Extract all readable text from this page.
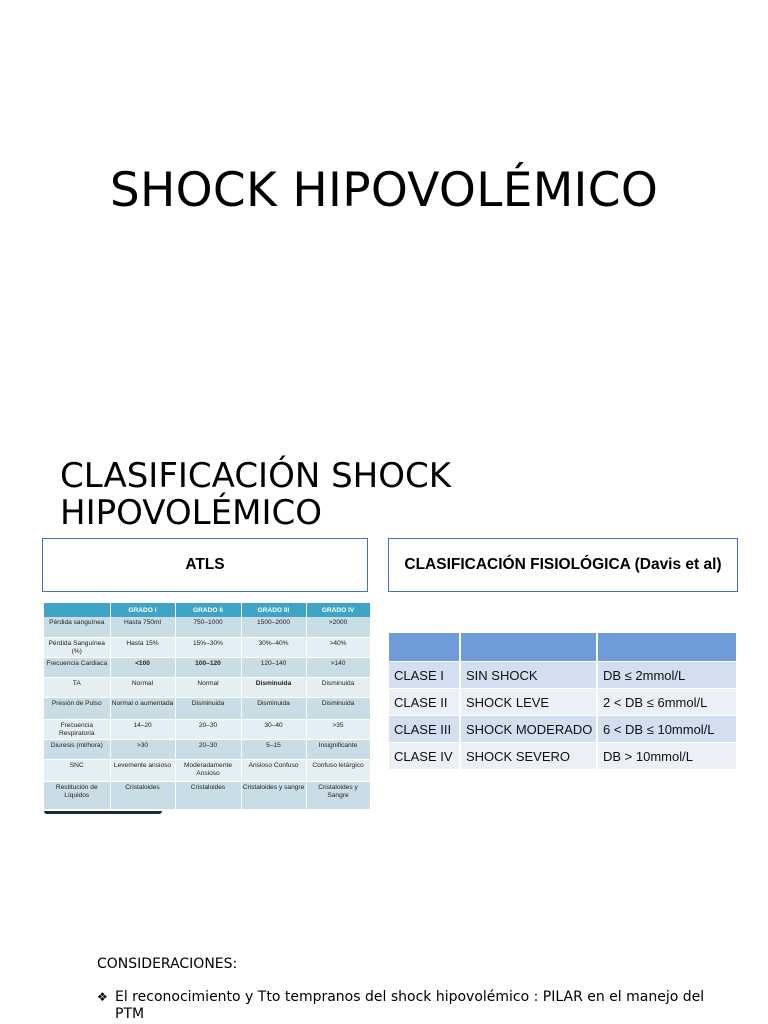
SHOCK HIPOVOLÉMICO
CLASIFICACIÓN SHOCK
HIPOVOLÉMICO
ATLS	CLASIFICACIÓN FISIOLÓGICA (Davis et al)
	GRADO I	GRADO II	GRADO III	GRADO IV
Pérdida sanguínea	Hasta 750ml	750–1000	1500–2000	>2000
Pérdida Sanguínea (%)	Hasta 15%	15%–30%	30%–40%	>40%
Frecuencia Cardiaca	<100	100–120	120–140	>140
TA	Normal	Normal	Disminuida	Disminuida
Presión de Pulso	Normal o aumentada	Disminuida	Disminuida	Disminuida
Frecuencia Respiratoria	14–20	20–30	30–40	>35
Diuresis (ml/hora)	>30	20–30	5–15	Insignificante
SNC	Levemente ansioso	Moderadamente Ansioso	Ansioso Confuso	Confuso letárgico
Restitución de Líquidos	Cristaloides	Cristaloides	Cristaloides y sangre	Cristaloides y Sangre

CLASE I	SIN SHOCK	DB ≤ 2mmol/L
CLASE II	SHOCK LEVE	2 < DB ≤ 6mmol/L
CLASE III	SHOCK MODERADO	6 < DB ≤ 10mmol/L
CLASE IV	SHOCK SEVERO	DB > 10mmol/L
CONSIDERACIONES:
❖ El reconocimiento y Tto tempranos del shock hipovolémico : PILAR en el manejo del PTM
